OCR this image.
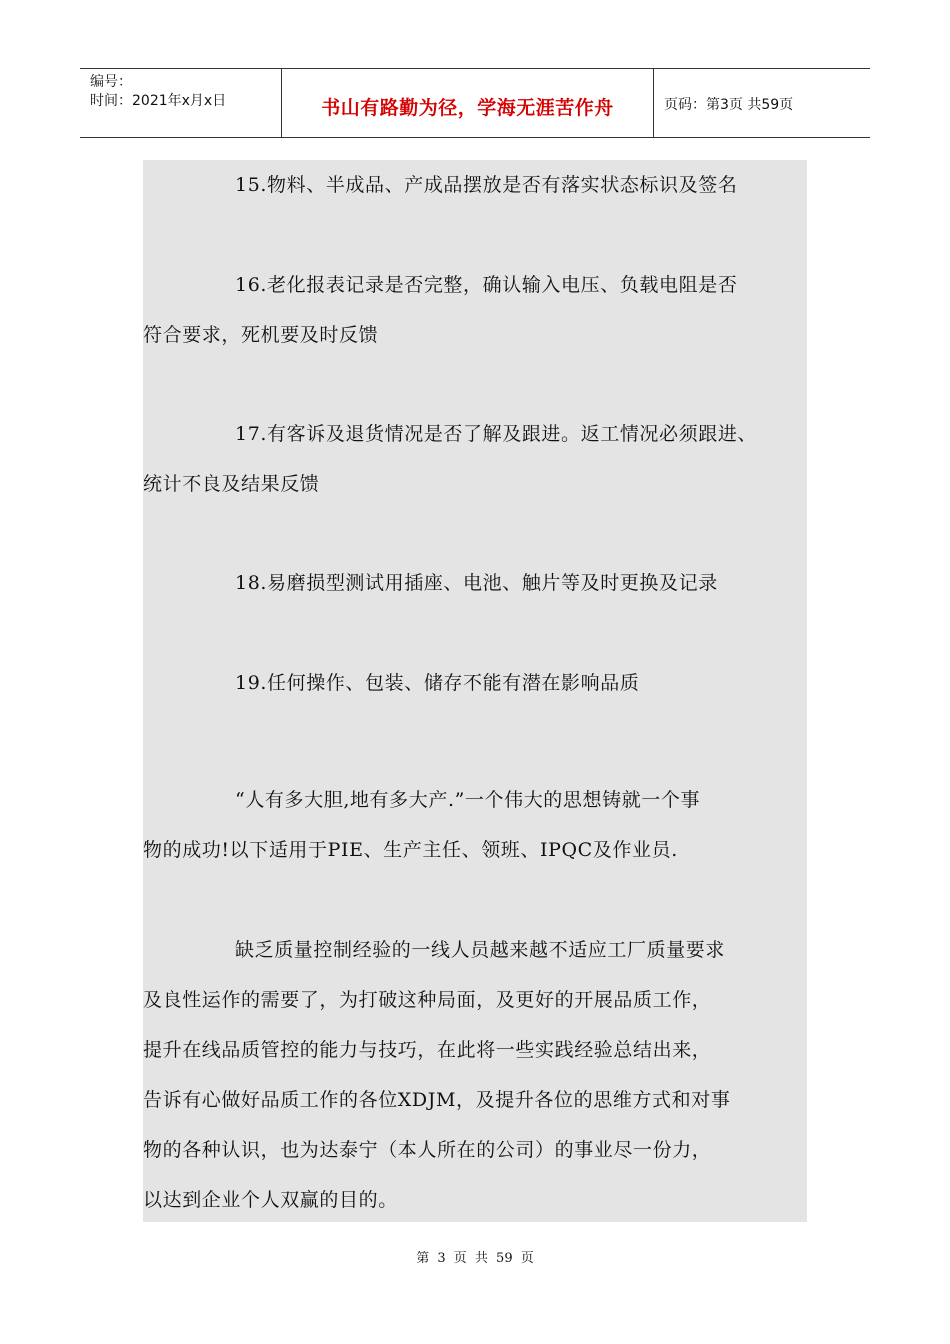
编号：
时间：2021年x月x日	书山有路勤为径，学海无涯苦作舟	页码：第3页 共59页
15.物料、半成品、产成品摆放是否有落实状态标识及签名
16.老化报表记录是否完整，确认输入电压、负载电阻是否
符合要求，死机要及时反馈
17.有客诉及退货情况是否了解及跟进。返工情况必须跟进、
统计不良及结果反馈
18.易磨损型测试用插座、电池、触片等及时更换及记录
19.任何操作、包装、储存不能有潜在影响品质
“人有多大胆,地有多大产.”一个伟大的思想铸就一个事
物的成功!以下适用于PIE、生产主任、领班、IPQC及作业员.
缺乏质量控制经验的一线人员越来越不适应工厂质量要求
及良性运作的需要了，为打破这种局面，及更好的开展品质工作，
提升在线品质管控的能力与技巧，在此将一些实践经验总结出来，
告诉有心做好品质工作的各位XDJM，及提升各位的思维方式和对事
物的各种认识，也为达泰宁（本人所在的公司）的事业尽一份力，
以达到企业个人双赢的目的。
第 3 页 共 59 页
